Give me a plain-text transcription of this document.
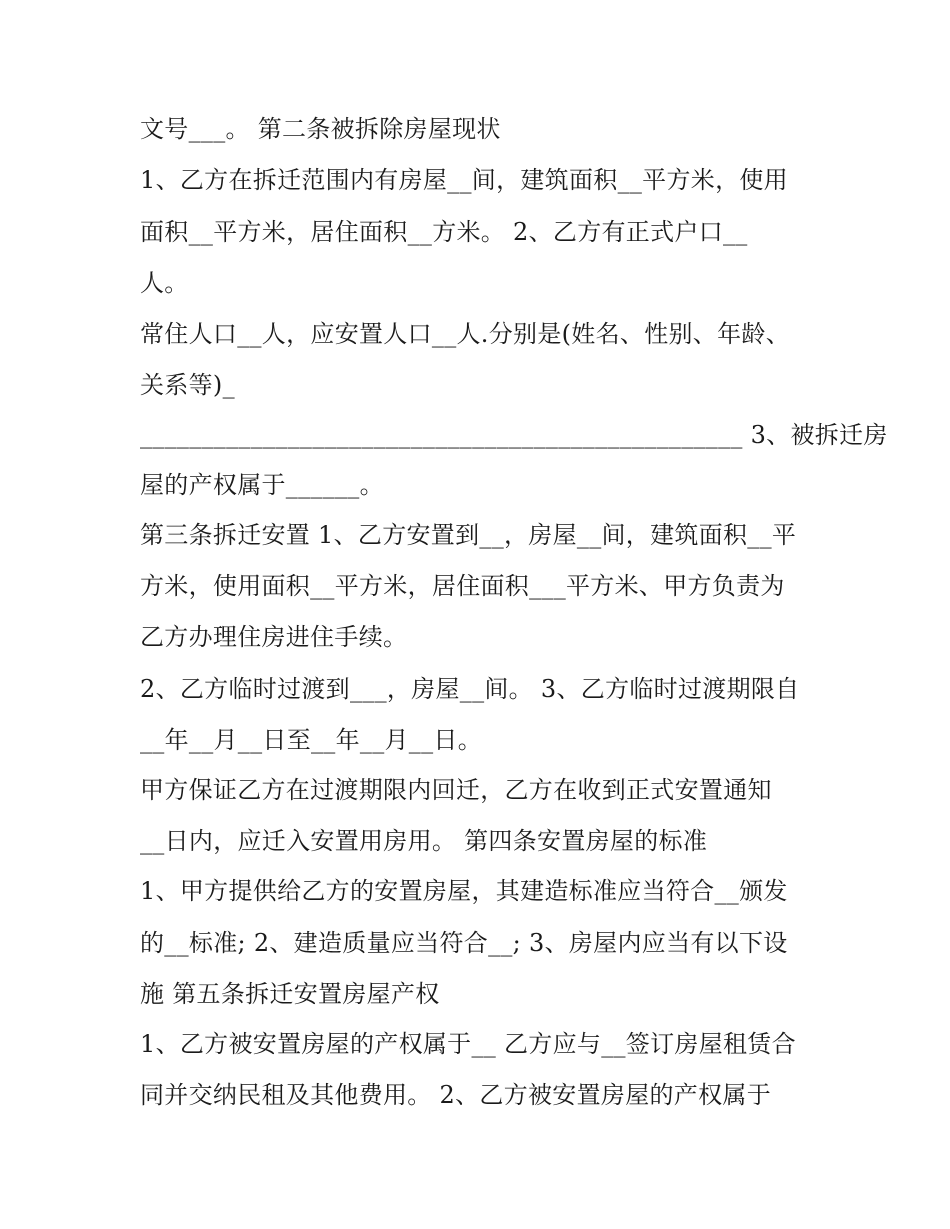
文号___。 第二条被拆除房屋现状
1、乙方在拆迁范围内有房屋__间，建筑面积__平方米，使用
面积__平方米，居住面积__方米。 2、乙方有正式户口__
人。
常住人口__人，应安置人口__人.分别是(姓名、性别、年龄、
关系等)_
_________________________________________________ 3、被拆迁房
屋的产权属于______。
第三条拆迁安置 1、乙方安置到__，房屋__间，建筑面积__平
方米，使用面积__平方米，居住面积___平方米、甲方负责为
乙方办理住房进住手续。
2、乙方临时过渡到___，房屋__间。 3、乙方临时过渡期限自
__年__月__日至__年__月__日。
甲方保证乙方在过渡期限内回迁，乙方在收到正式安置通知
__日内，应迁入安置用房用。 第四条安置房屋的标准
1、甲方提供给乙方的安置房屋，其建造标准应当符合__颁发
的__标准; 2、建造质量应当符合__; 3、房屋内应当有以下设
施 第五条拆迁安置房屋产权
1、乙方被安置房屋的产权属于__ 乙方应与__签订房屋租赁合
同并交纳民租及其他费用。 2、乙方被安置房屋的产权属于
